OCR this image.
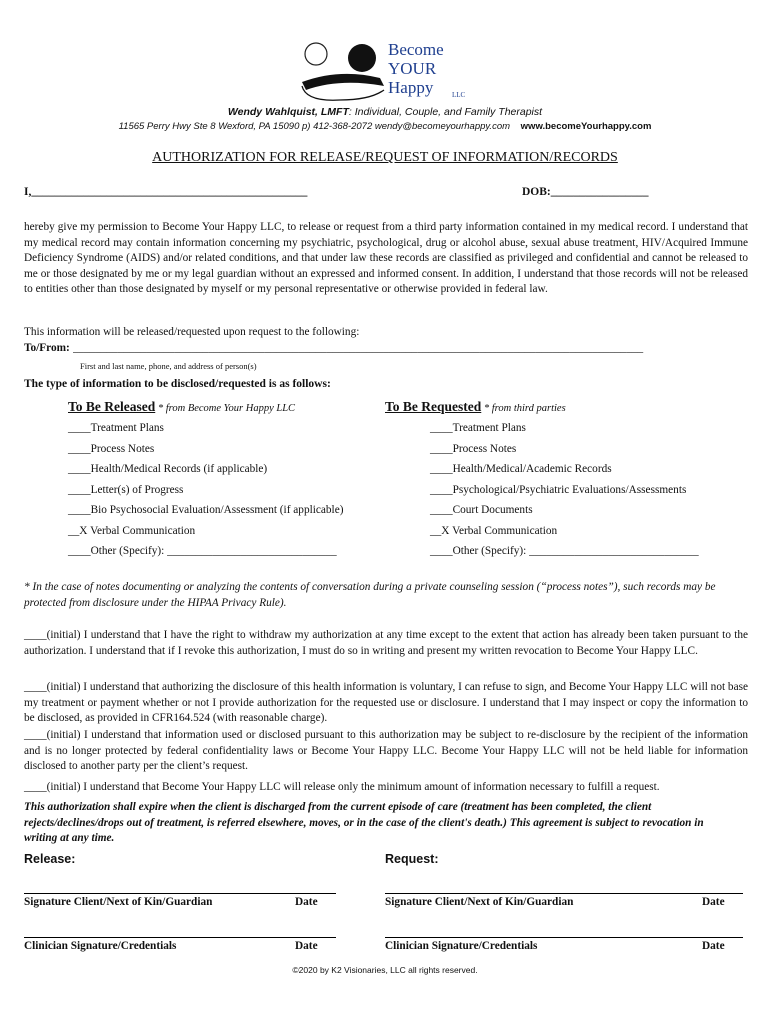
Become
YOUR
Happy	LLC
Wendy Wahlquist, LMFT: Individual, Couple, and Family Therapist
11565 Perry Hwy Ste 8 Wexford, PA 15090 p) 412-368-2072 wendy@becomeyourhappy.com www.becomeYourhappy.com
AUTHORIZATION FOR RELEASE/REQUEST OF INFORMATION/RECORDS
I,________________________________________________	DOB:_________________
hereby give my permission to Become Your Happy LLC, to release or request from a third party information contained in my medical record. I understand that my medical record may contain information concerning my psychiatric, psychological, drug or alcohol abuse, sexual abuse treatment, HIV/Acquired Immune Deficiency Syndrome (AIDS) and/or related conditions, and that under law these records are classified as privileged and confidential and cannot be released to me or those designated by me or my legal guardian without an expressed and informed consent. In addition, I understand that those records will not be released to entities other than those designated by myself or my personal representative or otherwise provided in federal law.
This information will be released/requested upon request to the following:
To/From: _____________________________________________________________________________________________________
First and last name, phone, and address of person(s)
The type of information to be disclosed/requested is as follows:
To Be Released * from Become Your Happy LLC
____Treatment Plans
____Process Notes
____Health/Medical Records (if applicable)
____Letter(s) of Progress
____Bio Psychosocial Evaluation/Assessment (if applicable)
__X Verbal Communication
____Other (Specify): ______________________________
To Be Requested * from third parties
____Treatment Plans
____Process Notes
____Health/Medical/Academic Records
____Psychological/Psychiatric Evaluations/Assessments
____Court Documents
__X Verbal Communication
____Other (Specify): ______________________________
* In the case of notes documenting or analyzing the contents of conversation during a private counseling session (“process notes”), such records may be protected from disclosure under the HIPAA Privacy Rule).
____(initial) I understand that I have the right to withdraw my authorization at any time except to the extent that action has already been taken pursuant to the authorization. I understand that if I revoke this authorization, I must do so in writing and present my written revocation to Become Your Happy LLC.
____(initial) I understand that authorizing the disclosure of this health information is voluntary, I can refuse to sign, and Become Your Happy LLC will not base my treatment or payment whether or not I provide authorization for the requested use or disclosure. I understand that I may inspect or copy the information to be disclosed, as provided in CFR164.524 (with reasonable charge).
____(initial) I understand that information used or disclosed pursuant to this authorization may be subject to re-disclosure by the recipient of the information and is no longer protected by federal confidentiality laws or Become Your Happy LLC. Become Your Happy LLC will not be held liable for information disclosed to another party per the client’s request.
____(initial) I understand that Become Your Happy LLC will release only the minimum amount of information necessary to fulfill a request.
This authorization shall expire when the client is discharged from the current episode of care (treatment has been completed, the client rejects/declines/drops out of treatment, is referred elsewhere, moves, or in the case of the client's death.) This agreement is subject to revocation in writing at any time.
Release:	Request:
Signature Client/Next of Kin/Guardian	Date	Signature Client/Next of Kin/Guardian	Date
Clinician Signature/Credentials	Date	Clinician Signature/Credentials	Date
©2020 by K2 Visionaries, LLC all rights reserved.
